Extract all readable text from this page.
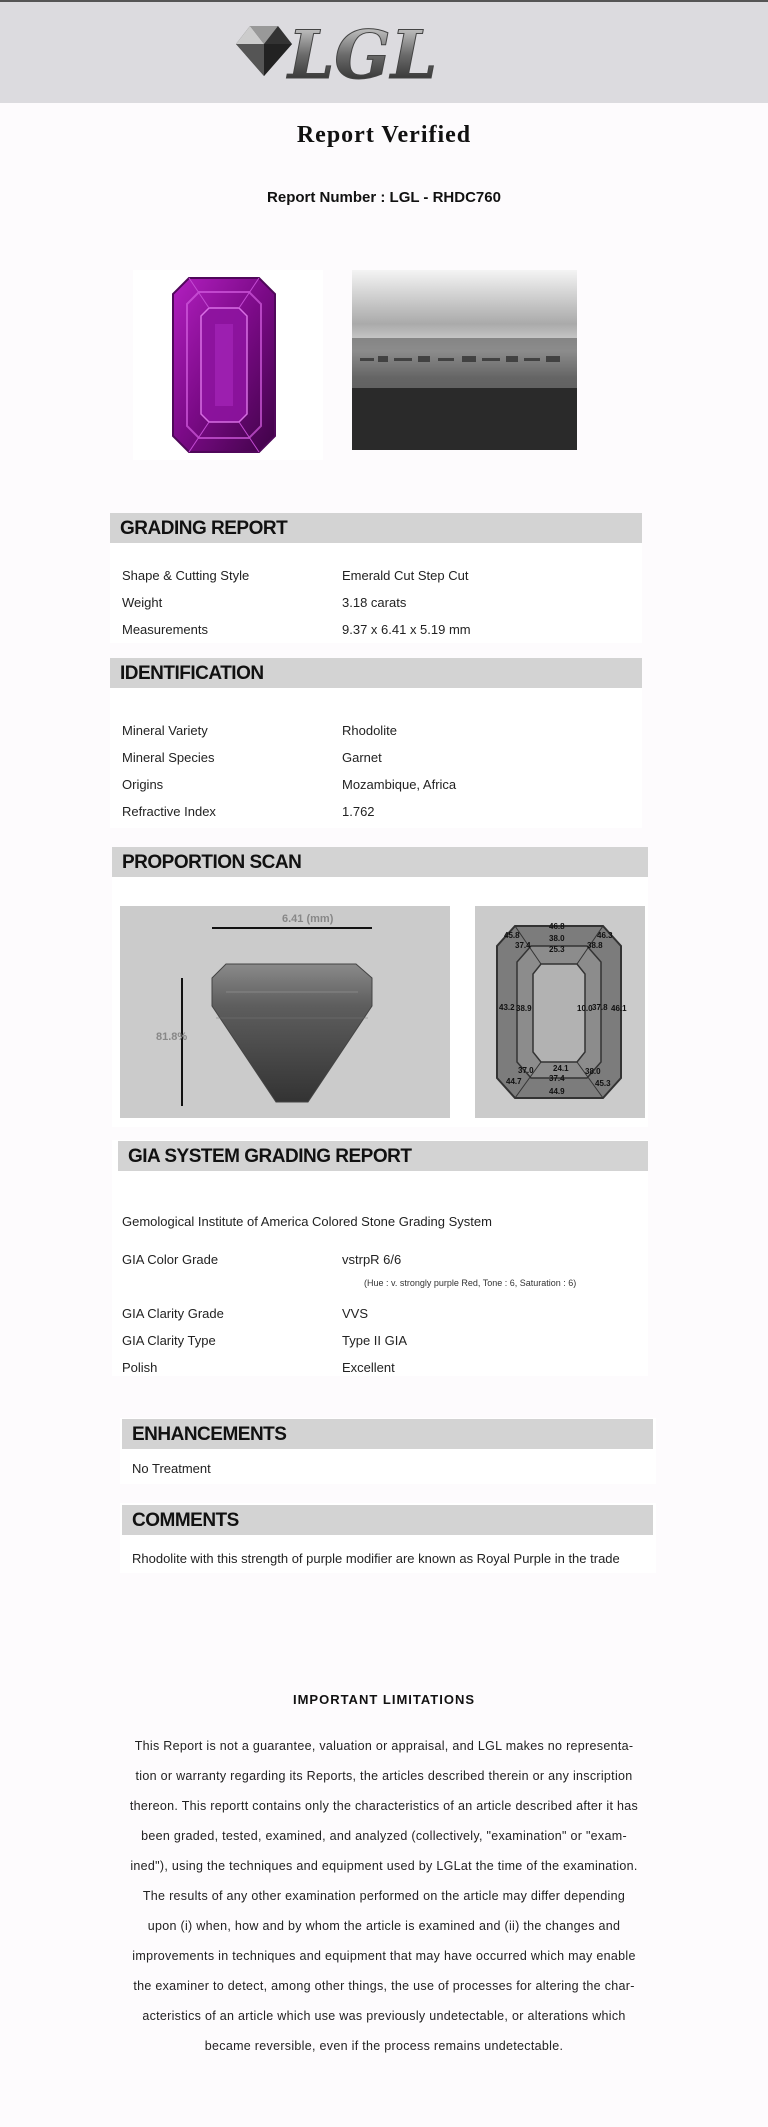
LGL
Report Verified
Report Number : LGL - RHDC760
GRADING REPORT
Shape & Cutting Style	Emerald Cut Step Cut
Weight	3.18 carats
Measurements	9.37 x 6.41 x 5.19 mm
IDENTIFICATION
Mineral Variety	Rhodolite
Mineral Species	Garnet
Origins	Mozambique, Africa
Refractive Index	1.762
PROPORTION SCAN
6.41 (mm)
81.8%
46.8
45.8	38.0
37.4 25.3
46.3
38.8
43.2 38.9	10.0 37.8 46.1
37.0 24.1
37.4
38.0
44.7
44.9
45.3
GIA SYSTEM GRADING REPORT
Gemological Institute of America Colored Stone Grading System
GIA Color Grade	vstrpR 6/6
(Hue : v. strongly purple Red, Tone : 6, Saturation : 6)
GIA Clarity Grade	VVS
GIA Clarity Type	Type II GIA
Polish	Excellent
ENHANCEMENTS
No Treatment
COMMENTS
Rhodolite with this strength of purple modifier are known as Royal Purple in the trade
IMPORTANT LIMITATIONS
This Report is not a guarantee, valuation or appraisal, and LGL makes no representa-
tion or warranty regarding its Reports, the articles described therein or any inscription
thereon. This reportt contains only the characteristics of an article described after it has
been graded, tested, examined, and analyzed (collectively, "examination" or "exam-
ined"), using the techniques and equipment used by LGLat the time of the examination.
The results of any other examination performed on the article may differ depending
upon (i) when, how and by whom the article is examined and (ii) the changes and
improvements in techniques and equipment that may have occurred which may enable
the examiner to detect, among other things, the use of processes for altering the char-
acteristics of an article which use was previously undetectable, or alterations which
became reversible, even if the process remains undetectable.
